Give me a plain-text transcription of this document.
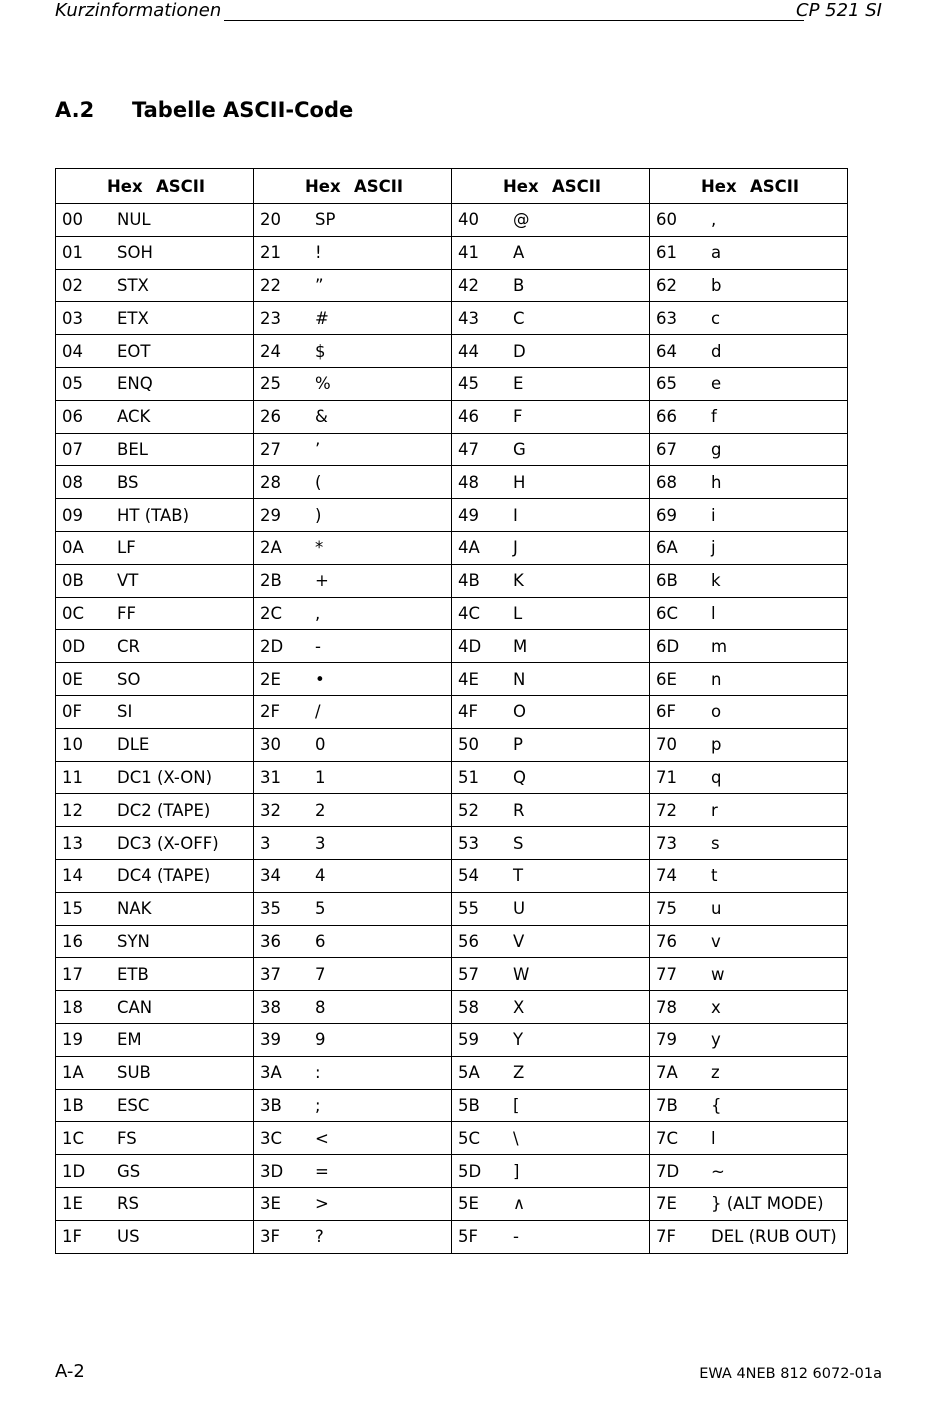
Kurzinformationen	CP 521 SI
A.2 Tabelle ASCII-Code
Hex ASCII	Hex ASCII	Hex ASCII	Hex ASCII

00 NUL	20 SP	40 @	60 ,

01 SOH	21 !	41 A	61 a

02 STX	22 ”	42 B	62 b

03 ETX	23 #	43 C	63 c

04 EOT	24 $	44 D	64 d

05 ENQ	25 %	45 E	65 e

06 ACK	26 &	46 F	66 f

07 BEL	27 ’	47 G	67 g

08 BS	28 (	48 H	68 h

09 HT (TAB)	29 )	49 I	69 i

0A LF	2A *	4A J	6A j

0B VT	2B +	4B K	6B k

0C FF	2C ,	4C L	6C l

0D CR	2D -	4D M	6D m

0E SO	2E •	4E N	6E n

0F SI	2F /	4F O	6F o

10 DLE	30 0	50 P	70 p

11 DC1 (X-ON)	31 1	51 Q	71 q

12 DC2 (TAPE)	32 2	52 R	72 r

13 DC3 (X-OFF)	3 3	53 S	73 s

14 DC4 (TAPE)	34 4	54 T	74 t

15 NAK	35 5	55 U	75 u

16 SYN	36 6	56 V	76 v

17 ETB	37 7	57 W	77 w

18 CAN	38 8	58 X	78 x

19 EM	39 9	59 Y	79 y

1A SUB	3A :	5A Z	7A z

1B ESC	3B ;	5B [	7B {

1C FS	3C <	5C \	7C l

1D GS	3D =	5D ]	7D ~

1E RS	3E >	5E ∧	7E } (ALT MODE)

1F US	3F ?	5F -	7F DEL (RUB OUT)
A-2	EWA 4NEB 812 6072-01a
